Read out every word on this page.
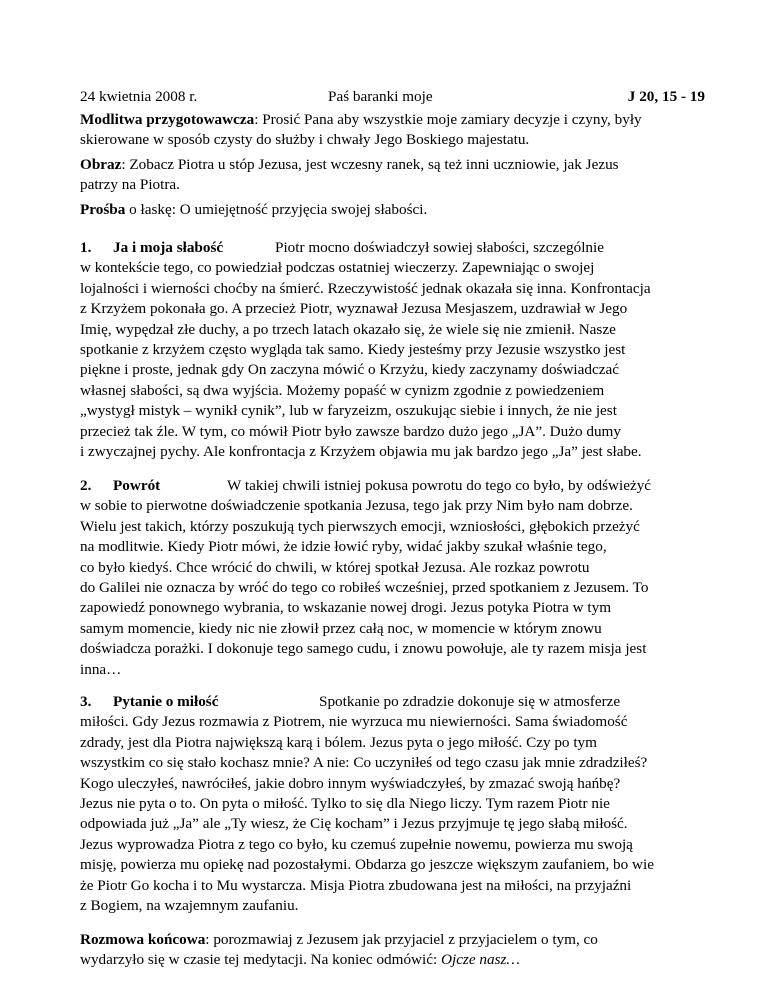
24 kwietnia 2008 r.	Paś baranki moje	J 20, 15 - 19
Modlitwa przygotowawcza: Prosić Pana aby wszystkie moje zamiary decyzje i czyny, były
skierowane w sposób czysty do służby i chwały Jego Boskiego majestatu.
Obraz: Zobacz Piotra u stóp Jezusa, jest wczesny ranek, są też inni uczniowie, jak Jezus
patrzy na Piotra.
Prośba o łaskę: O umiejętność przyjęcia swojej słabości.
1. Ja i moja słabość	Piotr mocno doświadczył sowiej słabości, szczególnie
w kontekście tego, co powiedział podczas ostatniej wieczerzy. Zapewniając o swojej
lojalności i wierności choćby na śmierć. Rzeczywistość jednak okazała się inna. Konfrontacja
z Krzyżem pokonała go. A przecież Piotr, wyznawał Jezusa Mesjaszem, uzdrawiał w Jego
Imię, wypędzał złe duchy, a po trzech latach okazało się, że wiele się nie zmienił. Nasze
spotkanie z krzyżem często wygląda tak samo. Kiedy jesteśmy przy Jezusie wszystko jest
piękne i proste, jednak gdy On zaczyna mówić o Krzyżu, kiedy zaczynamy doświadczać
własnej słabości, są dwa wyjścia. Możemy popaść w cynizm zgodnie z powiedzeniem
„wystygł mistyk – wynikł cynik”, lub w faryzeizm, oszukując siebie i innych, że nie jest
przecież tak źle. W tym, co mówił Piotr było zawsze bardzo dużo jego „JA”. Dużo dumy
i zwyczajnej pychy. Ale konfrontacja z Krzyżem objawia mu jak bardzo jego „Ja” jest słabe.
2. Powrót	W takiej chwili istniej pokusa powrotu do tego co było, by odświeżyć
w sobie to pierwotne doświadczenie spotkania Jezusa, tego jak przy Nim było nam dobrze.
Wielu jest takich, którzy poszukują tych pierwszych emocji, wzniosłości, głębokich przeżyć
na modlitwie. Kiedy Piotr mówi, że idzie łowić ryby, widać jakby szukał właśnie tego,
co było kiedyś. Chce wrócić do chwili, w której spotkał Jezusa. Ale rozkaz powrotu
do Galilei nie oznacza by wróć do tego co robiłeś wcześniej, przed spotkaniem z Jezusem. To
zapowiedź ponownego wybrania, to wskazanie nowej drogi. Jezus potyka Piotra w tym
samym momencie, kiedy nic nie złowił przez całą noc, w momencie w którym znowu
doświadcza porażki. I dokonuje tego samego cudu, i znowu powołuje, ale ty razem misja jest
inna…
3. Pytanie o miłość	Spotkanie po zdradzie dokonuje się w atmosferze
miłości. Gdy Jezus rozmawia z Piotrem, nie wyrzuca mu niewierności. Sama świadomość
zdrady, jest dla Piotra największą karą i bólem. Jezus pyta o jego miłość. Czy po tym
wszystkim co się stało kochasz mnie? A nie: Co uczyniłeś od tego czasu jak mnie zdradziłeś?
Kogo uleczyłeś, nawróciłeś, jakie dobro innym wyświadczyłeś, by zmazać swoją hańbę?
Jezus nie pyta o to. On pyta o miłość. Tylko to się dla Niego liczy. Tym razem Piotr nie
odpowiada już „Ja” ale „Ty wiesz, że Cię kocham” i Jezus przyjmuje tę jego słabą miłość.
Jezus wyprowadza Piotra z tego co było, ku czemuś zupełnie nowemu, powierza mu swoją
misję, powierza mu opiekę nad pozostałymi. Obdarza go jeszcze większym zaufaniem, bo wie
że Piotr Go kocha i to Mu wystarcza. Misja Piotra zbudowana jest na miłości, na przyjaźni
z Bogiem, na wzajemnym zaufaniu.
Rozmowa końcowa: porozmawiaj z Jezusem jak przyjaciel z przyjacielem o tym, co
wydarzyło się w czasie tej medytacji. Na koniec odmówić: Ojcze nasz…
